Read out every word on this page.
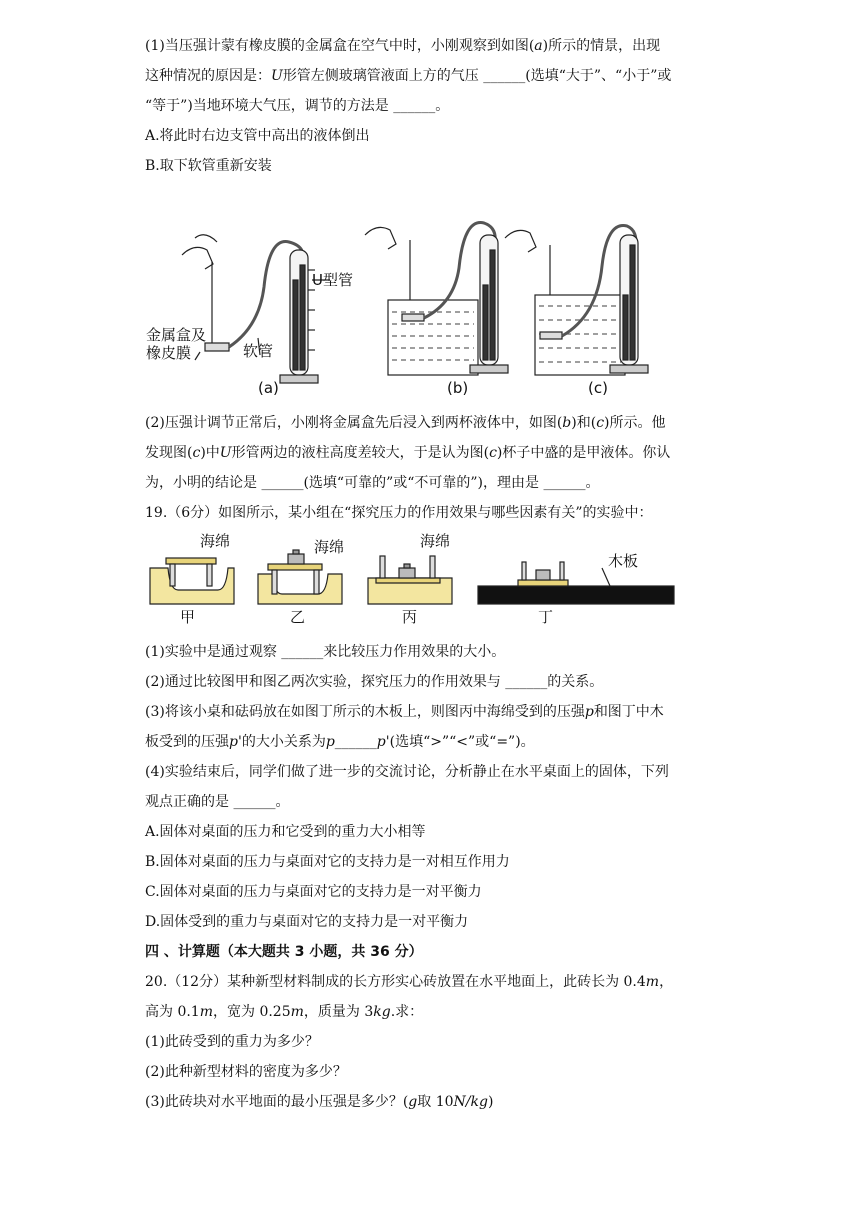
(1)当压强计蒙有橡皮膜的金属盒在空气中时，小刚观察到如图(a)所示的情景，出现
这种情况的原因是：U形管左侧玻璃管液面上方的气压 ______(选填“大于”、“小于”或
“等于”)当地环境大气压，调节的方法是 ______。
A.将此时右边支管中高出的液体倒出
B.取下软管重新安装
U型管
金属盒及
橡皮膜	软管
(a)	(b)	(c)
(2)压强计调节正常后，小刚将金属盒先后浸入到两杯液体中，如图(b)和(c)所示。他
发现图(c)中U形管两边的液柱高度差较大，于是认为图(c)杯子中盛的是甲液体。你认
为，小明的结论是 ______(选填“可靠的”或“不可靠的”)，理由是 ______。
19.（6分）如图所示，某小组在“探究压力的作用效果与哪些因素有关”的实验中：
海绵	海绵	海绵
木板
甲	乙	丙	丁
(1)实验中是通过观察 ______来比较压力作用效果的大小。
(2)通过比较图甲和图乙两次实验，探究压力的作用效果与 ______的关系。
(3)将该小桌和砝码放在如图丁所示的木板上，则图丙中海绵受到的压强p和图丁中木
板受到的压强p'的大小关系为p______p'(选填“>”“<”或“=”)。
(4)实验结束后，同学们做了进一步的交流讨论，分析静止在水平桌面上的固体，下列
观点正确的是 ______。
A.固体对桌面的压力和它受到的重力大小相等
B.固体对桌面的压力与桌面对它的支持力是一对相互作用力
C.固体对桌面的压力与桌面对它的支持力是一对平衡力
D.固体受到的重力与桌面对它的支持力是一对平衡力
四 、计算题（本大题共 3 小题，共 36 分）
20.（12分）某种新型材料制成的长方形实心砖放置在水平地面上，此砖长为 0.4m，
高为 0.1m，宽为 0.25m，质量为 3kg.求：
(1)此砖受到的重力为多少？
(2)此种新型材料的密度为多少？
(3)此砖块对水平地面的最小压强是多少？(g取 10N/kg)
